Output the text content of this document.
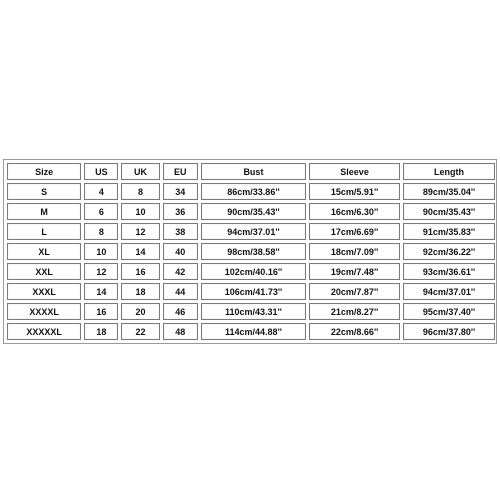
Size	US	UK	EU	Bust	Sleeve	Length
S	4	8	34	86cm/33.86''	15cm/5.91''	89cm/35.04''
M	6	10	36	90cm/35.43''	16cm/6.30''	90cm/35.43''
L	8	12	38	94cm/37.01''	17cm/6.69''	91cm/35.83''
XL	10	14	40	98cm/38.58''	18cm/7.09''	92cm/36.22''
XXL	12	16	42	102cm/40.16''	19cm/7.48''	93cm/36.61''
XXXL	14	18	44	106cm/41.73''	20cm/7.87''	94cm/37.01''
XXXXL	16	20	46	110cm/43.31''	21cm/8.27''	95cm/37.40''
XXXXXL	18	22	48	114cm/44.88''	22cm/8.66''	96cm/37.80''
